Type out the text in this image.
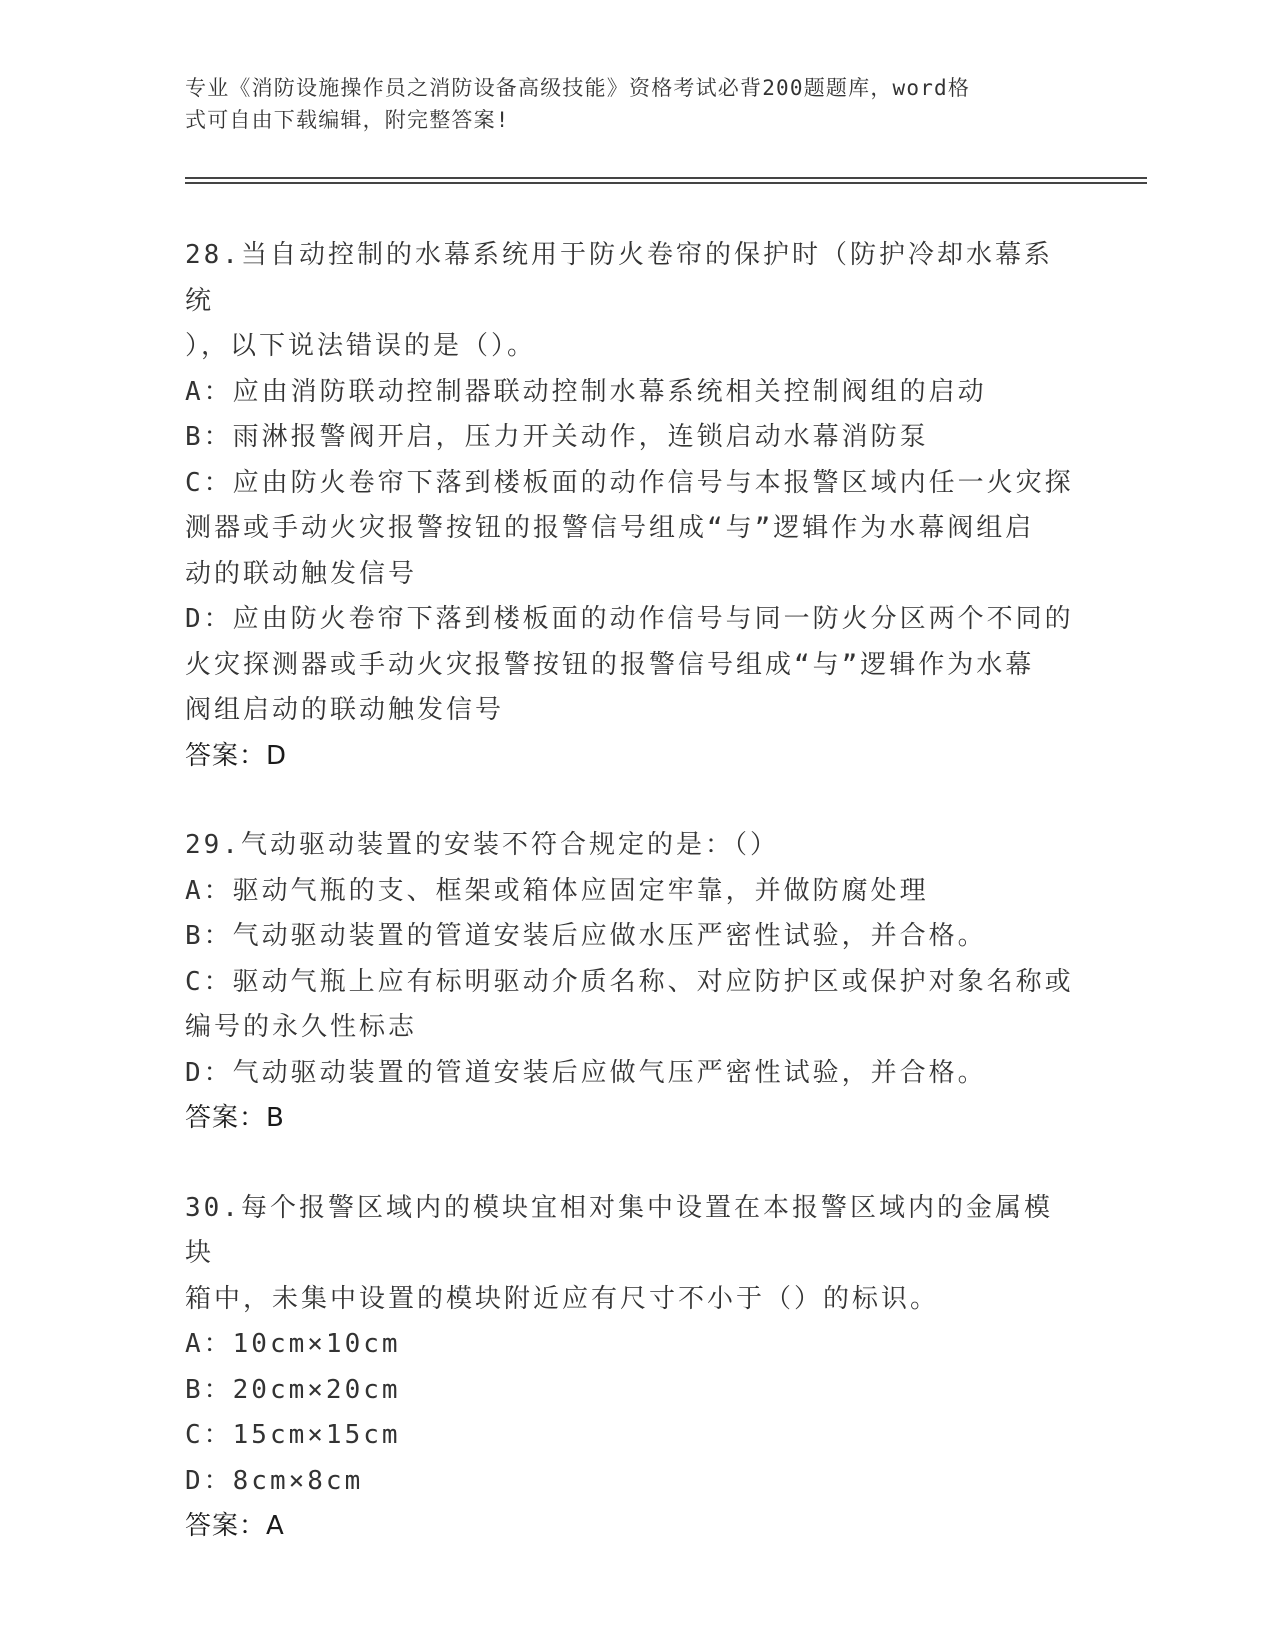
专业《消防设施操作员之消防设备高级技能》资格考试必背200题题库，word格
式可自由下载编辑，附完整答案!
28.当自动控制的水幕系统用于防火卷帘的保护时（防护冷却水幕系统
），以下说法错误的是（）。
A：应由消防联动控制器联动控制水幕系统相关控制阀组的启动
B：雨淋报警阀开启，压力开关动作，连锁启动水幕消防泵
C：应由防火卷帘下落到楼板面的动作信号与本报警区域内任一火灾探
测器或手动火灾报警按钮的报警信号组成“与”逻辑作为水幕阀组启
动的联动触发信号
D：应由防火卷帘下落到楼板面的动作信号与同一防火分区两个不同的
火灾探测器或手动火灾报警按钮的报警信号组成“与”逻辑作为水幕
阀组启动的联动触发信号
答案：D
29.气动驱动装置的安装不符合规定的是：（）
A：驱动气瓶的支、框架或箱体应固定牢靠，并做防腐处理
B：气动驱动装置的管道安装后应做水压严密性试验，并合格。
C：驱动气瓶上应有标明驱动介质名称、对应防护区或保护对象名称或
编号的永久性标志
D：气动驱动装置的管道安装后应做气压严密性试验，并合格。
答案：B
30.每个报警区域内的模块宜相对集中设置在本报警区域内的金属模块
箱中，未集中设置的模块附近应有尺寸不小于（）的标识。
A：10cm×10cm
B：20cm×20cm
C：15cm×15cm
D：8cm×8cm
答案：A
